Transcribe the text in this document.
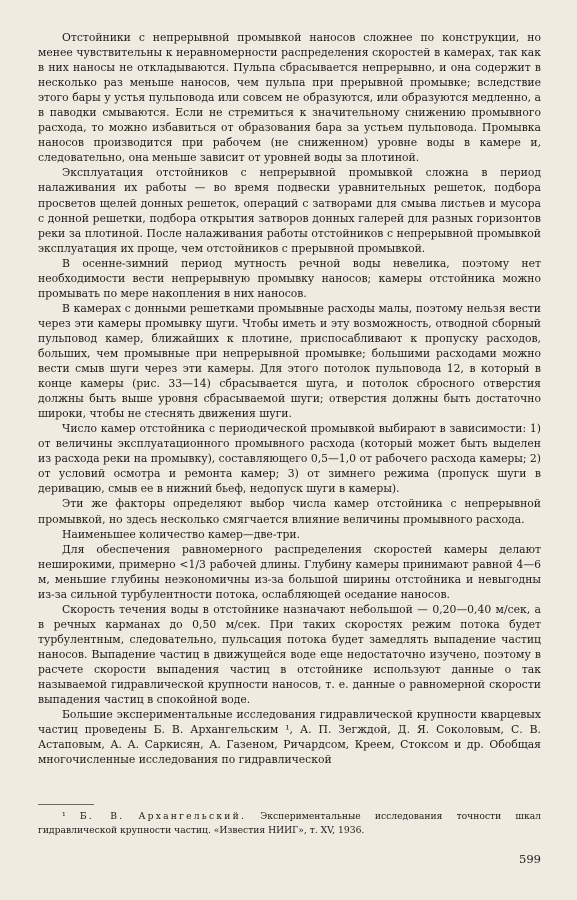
Отстойники с непрерывной промывкой наносов сложнее по конструкции, но менее чувствительны к неравномерности распределения скоростей в камерах, так как в них наносы не откладываются. Пульпа сбрасывается непрерывно, и она содержит в несколько раз меньше наносов, чем пульпа при прерывной промывке; вследствие этого бары у устья пульповода или совсем не образуются, или образуются медленно, а в паводки смываются. Если не стремиться к значительному снижению промывного расхода, то можно избавиться от образования бара за устьем пульповода. Промывка наносов производится при рабочем (не сниженном) уровне воды в камере и, следовательно, она меньше зависит от уровней воды за плотиной.

Эксплуатация отстойников с непрерывной промывкой сложна в период налаживания их работы — во время подвески уравнительных решеток, подбора просветов щелей донных решеток, операций с затворами для смыва листьев и мусора с донной решетки, подбора открытия затворов донных галерей для разных горизонтов реки за плотиной. После налаживания работы отстойников с непрерывной промывкой эксплуатация их проще, чем отстойников с прерывной промывкой.

В осенне-зимний период мутность речной воды невелика, поэтому нет необходимости вести непрерывную промывку наносов; камеры отстойника можно промывать по мере накопления в них наносов.

В камерах с донными решетками промывные расходы малы, поэтому нельзя вести через эти камеры промывку шуги. Чтобы иметь и эту возможность, отводной сборный пульповод камер, ближайших к плотине, приспосабливают к пропуску расходов, больших, чем промывные при непрерывной промывке; большими расходами можно вести смыв шуги через эти камеры. Для этого потолок пульповода 12, в который в конце камеры (рис. 33—14) сбрасывается шуга, и потолок сбросного отверстия должны быть выше уровня сбрасываемой шуги; отверстия должны быть достаточно широки, чтобы не стеснять движения шуги.

Число камер отстойника с периодической промывкой выбирают в зависимости: 1) от величины эксплуатационного промывного расхода (который может быть выделен из расхода реки на промывку), составляющего 0,5—1,0 от рабочего расхода камеры; 2) от условий осмотра и ремонта камер; 3) от зимнего режима (пропуск шуги в деривацию, смыв ее в нижний бьеф, недопуск шуги в камеры).

Эти же факторы определяют выбор числа камер отстойника с непрерывной промывкой, но здесь несколько смягчается влияние величины промывного расхода.

Наименьшее количество камер—две-три.

Для обеспечения равномерного распределения скоростей камеры делают неширокими, примерно <1/3 рабочей длины. Глубину камеры принимают равной 4—6 м, меньшие глубины неэкономичны из-за большой ширины отстойника и невыгодны из-за сильной турбулентности потока, ослабляющей оседание наносов.

Скорость течения воды в отстойнике назначают небольшой — 0,20—0,40 м/сек, а в речных карманах до 0,50 м/сек. При таких скоростях режим потока будет турбулентным, следовательно, пульсация потока будет замедлять выпадение частиц наносов. Выпадение частиц в движущейся воде еще недостаточно изучено, поэтому в расчете скорости выпадения частиц в отстойнике используют данные о так называемой гидравлической крупности наносов, т. е. данные о равномерной скорости выпадения частиц в спокойной воде.

Большие экспериментальные исследования гидравлической крупности кварцевых частиц проведены Б. В. Архангельским ¹, А. П. Зегждой, Д. Я. Соколовым, С. В. Астаповым, А. А. Саркисян, А. Газеном, Ричардсом, Креем, Стоксом и др. Обобщая многочисленные исследования по гидравлической

¹ Б. В. Архангельский. Экспериментальные исследования точности шкал гидравлической крупности частиц. «Известия НИИГ», т. XV, 1936.
599
